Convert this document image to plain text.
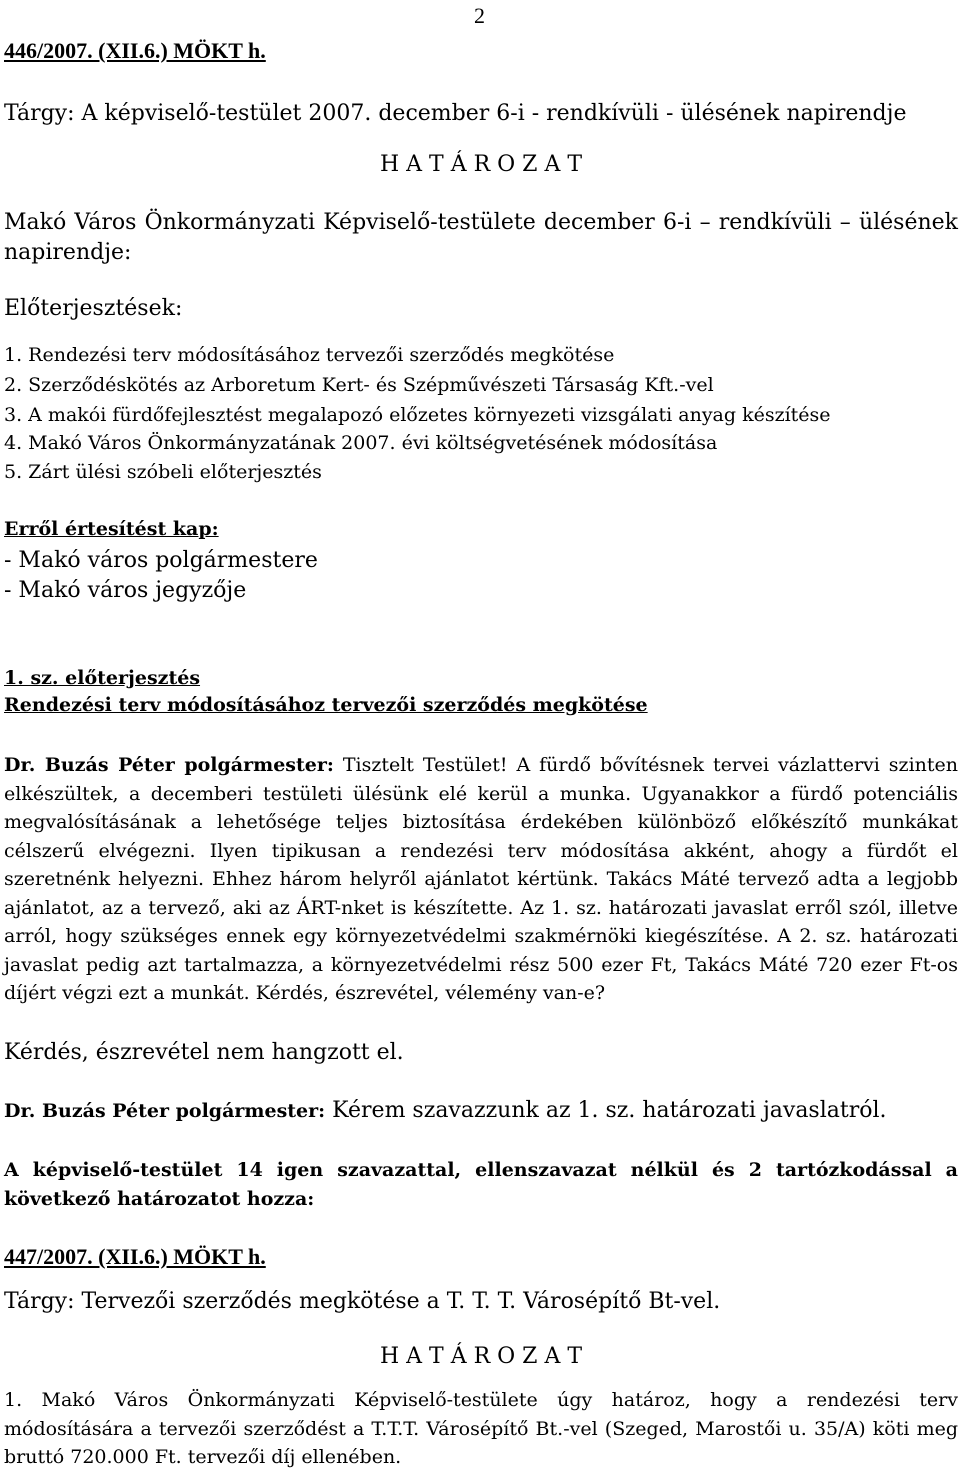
2
446/2007. (XII.6.) MÖKT h.
Tárgy: A képviselő-testület 2007. december 6-i - rendkívüli - ülésének napirendje
H A T Á R O Z A T
Makó Város Önkormányzati Képviselő-testülete december 6-i – rendkívüli – ülésének
napirendje:
Előterjesztések:
1. Rendezési terv módosításához tervezői szerződés megkötése
2. Szerződéskötés az Arboretum Kert- és Szépművészeti Társaság Kft.-vel
3. A makói fürdőfejlesztést megalapozó előzetes környezeti vizsgálati anyag készítése
4. Makó Város Önkormányzatának 2007. évi költségvetésének módosítása
5. Zárt ülési szóbeli előterjesztés
Erről értesítést kap:
- Makó város polgármestere
- Makó város jegyzője
1. sz. előterjesztés
Rendezési terv módosításához tervezői szerződés megkötése
Dr. Buzás Péter polgármester: Tisztelt Testület! A fürdő bővítésnek tervei vázlattervi szinten elkészültek, a decemberi testületi ülésünk elé kerül a munka. Ugyanakkor a fürdő potenciális megvalósításának a lehetősége teljes biztosítása érdekében különböző előkészítő munkákat célszerű elvégezni. Ilyen tipikusan a rendezési terv módosítása akként, ahogy a fürdőt el szeretnénk helyezni. Ehhez három helyről ajánlatot kértünk. Takács Máté tervező adta a legjobb ajánlatot, az a tervező, aki az ÁRT-nket is készítette. Az 1. sz. határozati javaslat erről szól, illetve arról, hogy szükséges ennek egy környezetvédelmi szakmérnöki kiegészítése. A 2. sz. határozati javaslat pedig azt tartalmazza, a környezetvédelmi rész 500 ezer Ft, Takács Máté 720 ezer Ft-os díjért végzi ezt a munkát. Kérdés, észrevétel, vélemény van-e?
Kérdés, észrevétel nem hangzott el.
Dr. Buzás Péter polgármester: Kérem szavazzunk az 1. sz. határozati javaslatról.
A képviselő-testület 14 igen szavazattal, ellenszavazat nélkül és 2 tartózkodással a következő határozatot hozza:
447/2007. (XII.6.) MÖKT h.
Tárgy: Tervezői szerződés megkötése a T. T. T. Városépítő Bt-vel.
H A T Á R O Z A T
1. Makó Város Önkormányzati Képviselő-testülete úgy határoz, hogy a rendezési terv módosítására a tervezői szerződést a T.T.T. Városépítő Bt.-vel (Szeged, Marostői u. 35/A) köti meg bruttó 720.000 Ft. tervezői díj ellenében.
